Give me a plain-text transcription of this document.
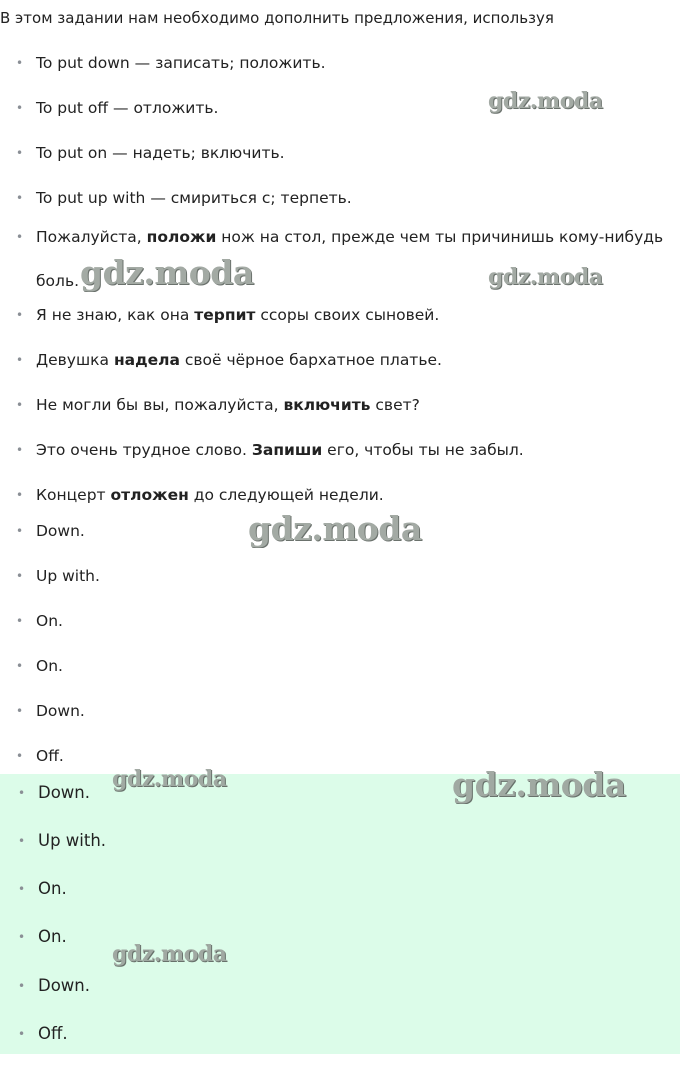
В этом задании нам необходимо дополнить предложения, используя
• To put down — записать; положить.
• To put off — отложить.
• To put on — надеть; включить.
• To put up with — смириться с; терпеть.
• Пожалуйста, положи нож на стол, прежде чем ты причинишь кому-нибудь боль.
• Я не знаю, как она терпит ссоры своих сыновей.
• Девушка надела своё чёрное бархатное платье.
• Не могли бы вы, пожалуйста, включить свет?
• Это очень трудное слово. Запиши его, чтобы ты не забыл.
• Концерт отложен до следующей недели.
• Down.
• Up with.
• On.
• On.
• Down.
• Off.
• Down.
• Up with.
• On.
• On.
• Down.
• Off.
gdz.moda
gdz.moda	gdz.moda
gdz.moda
gdz.moda	gdz.moda
gdz.moda
